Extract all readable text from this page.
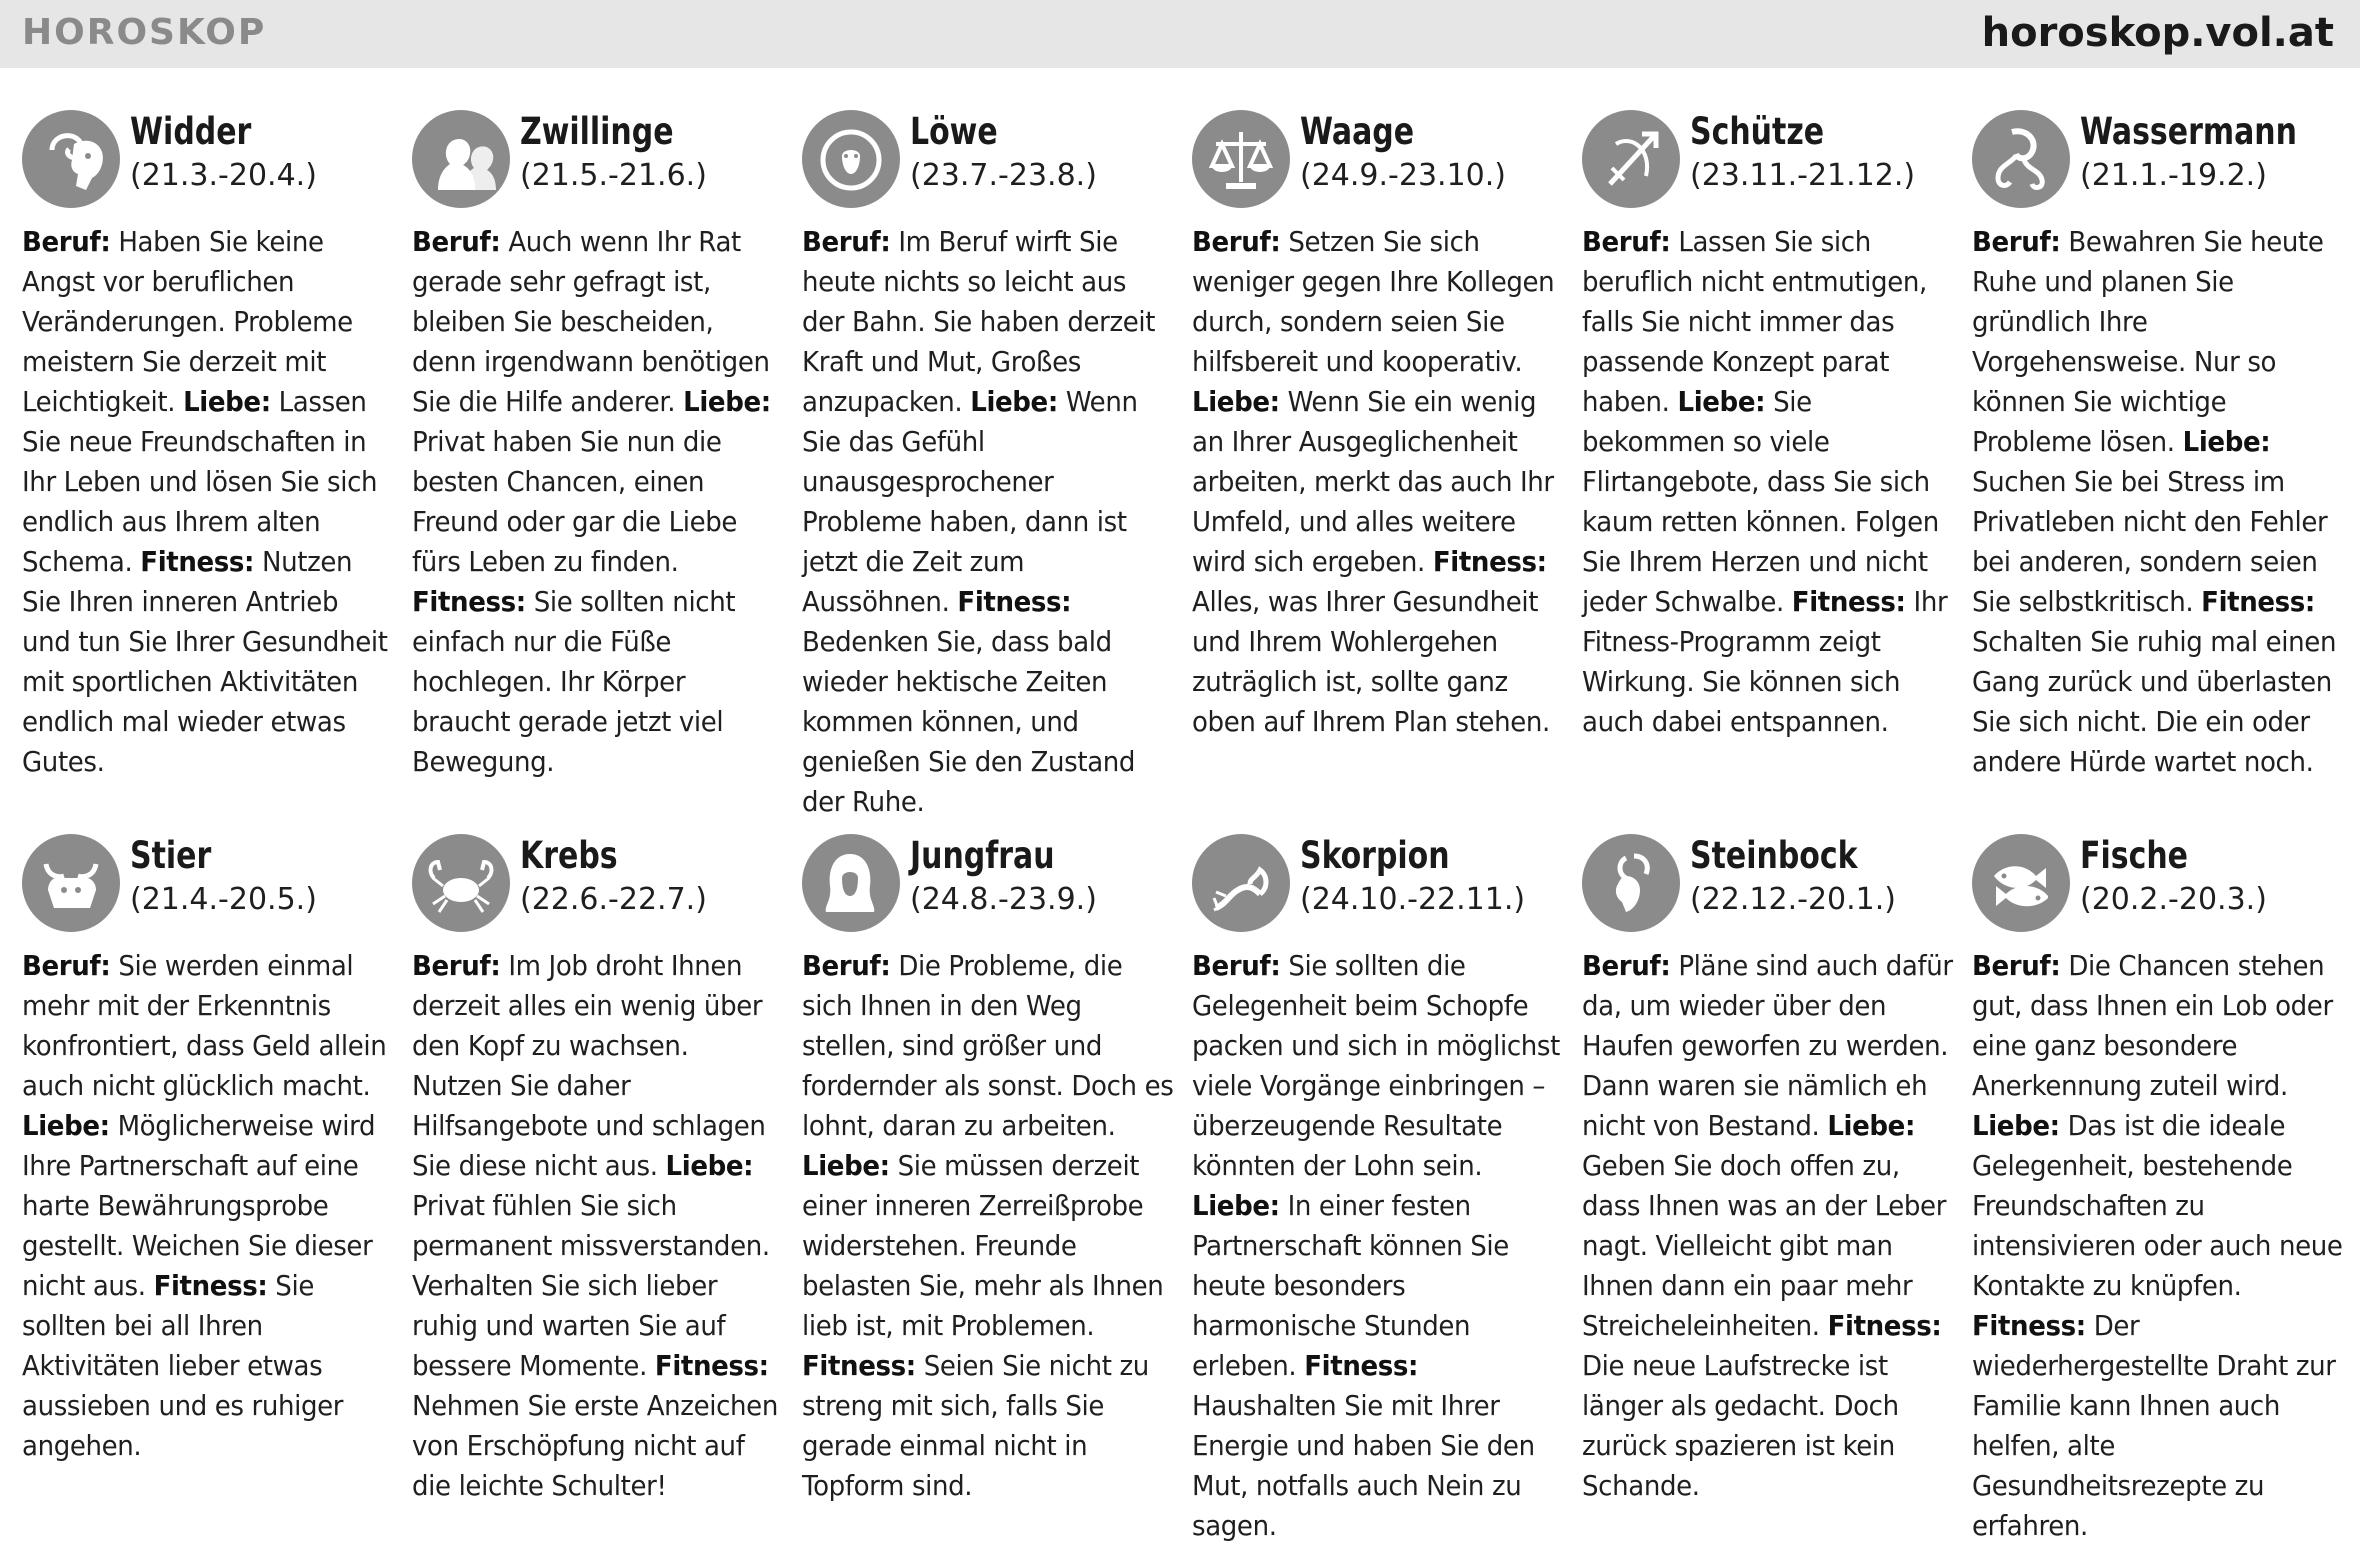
HOROSKOP	horoskop.vol.at
Widder
(21.3.-20.4.)
Beruf: Haben Sie keine Angst vor beruflichen Veränderungen. Probleme meistern Sie derzeit mit Leichtigkeit. Liebe: Lassen Sie neue Freundschaften in Ihr Leben und lösen Sie sich endlich aus Ihrem alten Schema. Fitness: Nutzen Sie Ihren inneren Antrieb und tun Sie Ihrer Gesundheit mit sportlichen Aktivitäten endlich mal wieder etwas Gutes.
Zwillinge
(21.5.-21.6.)
Beruf: Auch wenn Ihr Rat gerade sehr gefragt ist, bleiben Sie bescheiden, denn irgendwann benötigen Sie die Hilfe anderer. Liebe: Privat haben Sie nun die besten Chancen, einen Freund oder gar die Liebe fürs Leben zu finden. Fitness: Sie sollten nicht einfach nur die Füße hochlegen. Ihr Körper braucht gerade jetzt viel Bewegung.
Löwe
(23.7.-23.8.)
Beruf: Im Beruf wirft Sie heute nichts so leicht aus der Bahn. Sie haben derzeit Kraft und Mut, Großes anzupacken. Liebe: Wenn Sie das Gefühl unausgesprochener Probleme haben, dann ist jetzt die Zeit zum Aussöhnen. Fitness: Bedenken Sie, dass bald wieder hektische Zeiten kommen können, und genießen Sie den Zustand der Ruhe.
Waage
(24.9.-23.10.)
Beruf: Setzen Sie sich weniger gegen Ihre Kollegen durch, sondern seien Sie hilfsbereit und kooperativ. Liebe: Wenn Sie ein wenig an Ihrer Ausgeglichenheit arbeiten, merkt das auch Ihr Umfeld, und alles weitere wird sich ergeben. Fitness: Alles, was Ihrer Gesundheit und Ihrem Wohlergehen zuträglich ist, sollte ganz oben auf Ihrem Plan stehen.
Schütze
(23.11.-21.12.)
Beruf: Lassen Sie sich beruflich nicht entmutigen, falls Sie nicht immer das passende Konzept parat haben. Liebe: Sie bekommen so viele Flirtangebote, dass Sie sich kaum retten können. Folgen Sie Ihrem Herzen und nicht jeder Schwalbe. Fitness: Ihr Fitness-Programm zeigt Wirkung. Sie können sich auch dabei entspannen.
Wassermann
(21.1.-19.2.)
Beruf: Bewahren Sie heute Ruhe und planen Sie gründlich Ihre Vorgehensweise. Nur so können Sie wichtige Probleme lösen. Liebe: Suchen Sie bei Stress im Privatleben nicht den Fehler bei anderen, sondern seien Sie selbstkritisch. Fitness: Schalten Sie ruhig mal einen Gang zurück und überlasten Sie sich nicht. Die ein oder andere Hürde wartet noch.
Stier
(21.4.-20.5.)
Beruf: Sie werden einmal mehr mit der Erkenntnis konfrontiert, dass Geld allein auch nicht glücklich macht. Liebe: Möglicherweise wird Ihre Partnerschaft auf eine harte Bewährungsprobe gestellt. Weichen Sie dieser nicht aus. Fitness: Sie sollten bei all Ihren Aktivitäten lieber etwas aussieben und es ruhiger angehen.
Krebs
(22.6.-22.7.)
Beruf: Im Job droht Ihnen derzeit alles ein wenig über den Kopf zu wachsen. Nutzen Sie daher Hilfsangebote und schlagen Sie diese nicht aus. Liebe: Privat fühlen Sie sich permanent missverstanden. Verhalten Sie sich lieber ruhig und warten Sie auf bessere Momente. Fitness: Nehmen Sie erste Anzeichen von Erschöpfung nicht auf die leichte Schulter!
Jungfrau
(24.8.-23.9.)
Beruf: Die Probleme, die sich Ihnen in den Weg stellen, sind größer und fordernder als sonst. Doch es lohnt, daran zu arbeiten. Liebe: Sie müssen derzeit einer inneren Zerreißprobe widerstehen. Freunde belasten Sie, mehr als Ihnen lieb ist, mit Problemen. Fitness: Seien Sie nicht zu streng mit sich, falls Sie gerade einmal nicht in Topform sind.
Skorpion
(24.10.-22.11.)
Beruf: Sie sollten die Gelegenheit beim Schopfe packen und sich in möglichst viele Vorgänge einbringen – überzeugende Resultate könnten der Lohn sein. Liebe: In einer festen Partnerschaft können Sie heute besonders harmonische Stunden erleben. Fitness: Haushalten Sie mit Ihrer Energie und haben Sie den Mut, notfalls auch Nein zu sagen.
Steinbock
(22.12.-20.1.)
Beruf: Pläne sind auch dafür da, um wieder über den Haufen geworfen zu werden. Dann waren sie nämlich eh nicht von Bestand. Liebe: Geben Sie doch offen zu, dass Ihnen was an der Leber nagt. Vielleicht gibt man Ihnen dann ein paar mehr Streicheleinheiten. Fitness: Die neue Laufstrecke ist länger als gedacht. Doch zurück spazieren ist kein Schande.
Fische
(20.2.-20.3.)
Beruf: Die Chancen stehen gut, dass Ihnen ein Lob oder eine ganz besondere Anerkennung zuteil wird. Liebe: Das ist die ideale Gelegenheit, bestehende Freundschaften zu intensivieren oder auch neue Kontakte zu knüpfen. Fitness: Der wiederhergestellte Draht zur Familie kann Ihnen auch helfen, alte Gesundheitsrezepte zu erfahren.
